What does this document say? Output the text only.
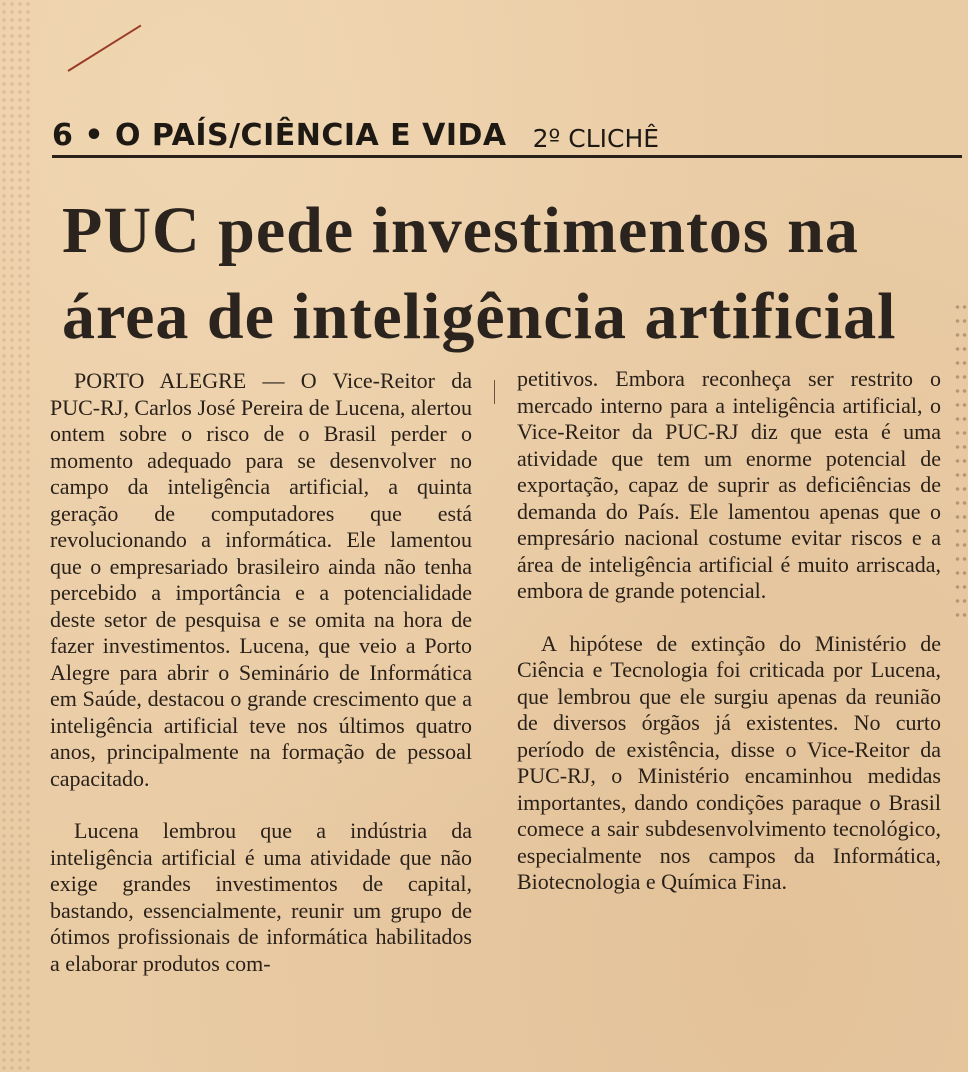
6 • O PAÍS/CIÊNCIA E VIDA 2º CLICHÊ
PUC pede investimentos na área de inteligência artificial

PORTO ALEGRE — O Vice-Reitor da PUC-RJ, Carlos José Pereira de Lucena, alertou ontem sobre o risco de o Brasil perder o momento adequado para se desenvolver no campo da inteligência artificial, a quinta geração de computadores que está revolucionando a informática. Ele lamentou que o empresariado brasileiro ainda não tenha percebido a importância e a potencialidade deste setor de pesquisa e se omita na hora de fazer investimentos. Lucena, que veio a Porto Alegre para abrir o Seminário de Informática em Saúde, destacou o grande crescimento que a inteligência artificial teve nos últimos quatro anos, principalmente na formação de pessoal capacitado.

Lucena lembrou que a indústria da inteligência artificial é uma atividade que não exige grandes investimentos de capital, bastando, essencialmente, reunir um grupo de ótimos profissionais de informática habilitados a elaborar produtos com-

petitivos. Embora reconheça ser restrito o mercado interno para a inteligência artificial, o Vice-Reitor da PUC-RJ diz que esta é uma atividade que tem um enorme potencial de exportação, capaz de suprir as deficiências de demanda do País. Ele lamentou apenas que o empresário nacional costume evitar riscos e a área de inteligência artificial é muito arriscada, embora de grande potencial.

A hipótese de extinção do Ministério de Ciência e Tecnologia foi criticada por Lucena, que lembrou que ele surgiu apenas da reunião de diversos órgãos já existentes. No curto período de existência, disse o Vice-Reitor da PUC-RJ, o Ministério encaminhou medidas importantes, dando condições paraque o Brasil comece a sair subdesenvolvimento tecnológico, especialmente nos campos da Informática, Biotecnologia e Química Fina.
